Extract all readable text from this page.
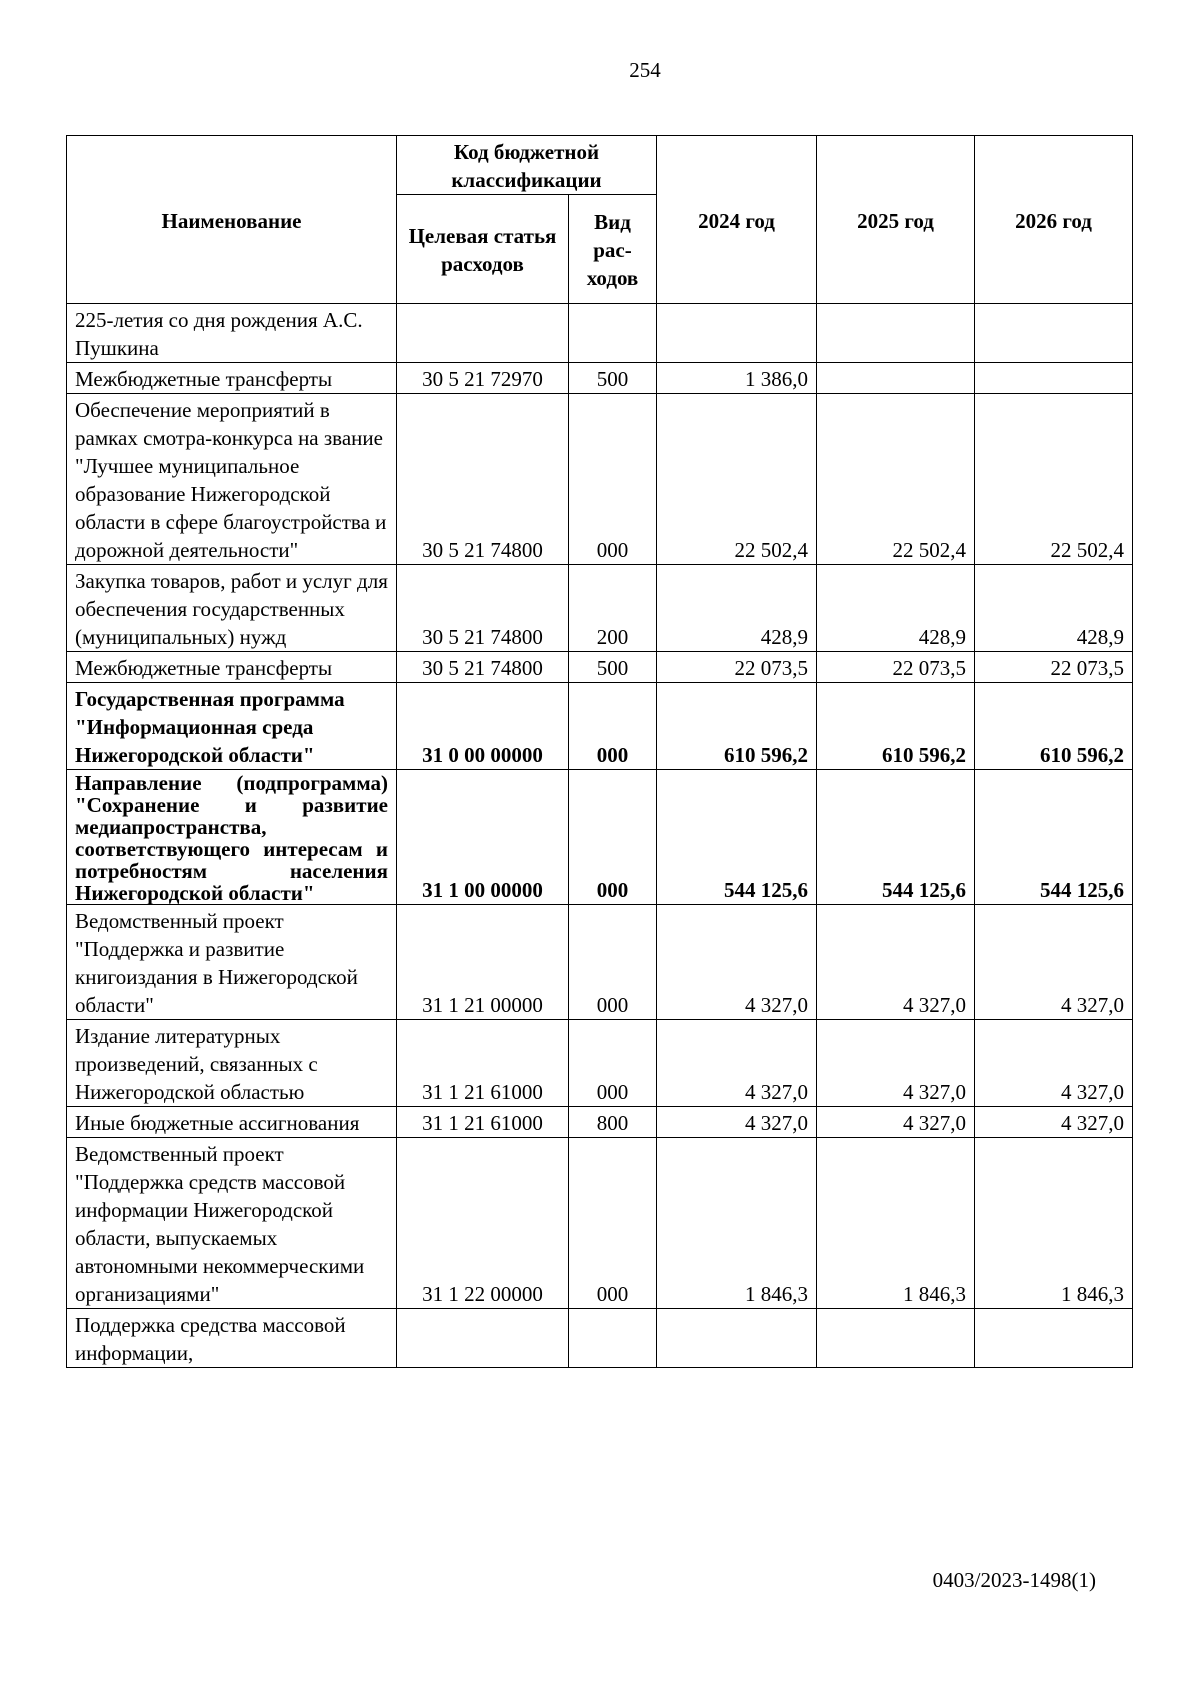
254
Наименование	Код бюджетной классификации		2024 год	2025 год	2026 год
	Целевая статья расходов	Вид рас-ходов			
225-летия со дня рождения А.С. Пушкина					
Межбюджетные трансферты	30 5 21 72970	500	1 386,0		
Обеспечение мероприятий в рамках смотра-конкурса на звание "Лучшее муниципальное образование Нижегородской области в сфере благоустройства и дорожной деятельности"	30 5 21 74800	000	22 502,4	22 502,4	22 502,4
Закупка товаров, работ и услуг для обеспечения государственных (муниципальных) нужд	30 5 21 74800	200	428,9	428,9	428,9
Межбюджетные трансферты	30 5 21 74800	500	22 073,5	22 073,5	22 073,5
Государственная программа "Информационная среда Нижегородской области"	31 0 00 00000	000	610 596,2	610 596,2	610 596,2
Направление (подпрограмма) "Сохранение и развитие медиапространства, соответствующего интересам и потребностям населения Нижегородской области"	31 1 00 00000	000	544 125,6	544 125,6	544 125,6
Ведомственный проект "Поддержка и развитие книгоиздания в Нижегородской области"	31 1 21 00000	000	4 327,0	4 327,0	4 327,0
Издание литературных произведений, связанных с Нижегородской областью	31 1 21 61000	000	4 327,0	4 327,0	4 327,0
Иные бюджетные ассигнования	31 1 21 61000	800	4 327,0	4 327,0	4 327,0
Ведомственный проект "Поддержка средств массовой информации Нижегородской области, выпускаемых автономными некоммерческими организациями"	31 1 22 00000	000	1 846,3	1 846,3	1 846,3
Поддержка средства массовой информации,					
0403/2023-1498(1)
